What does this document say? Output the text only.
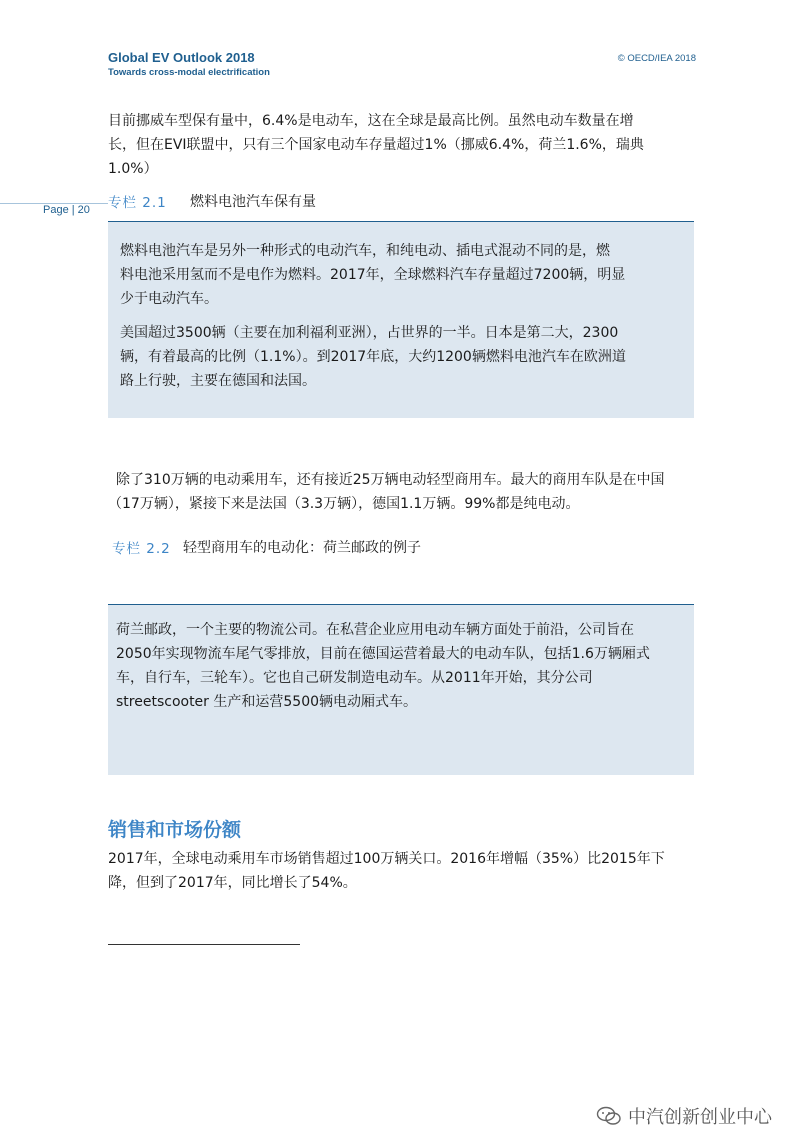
Global EV Outlook 2018
Towards cross-modal electrification
© OECD/IEA 2018
Page | 20
目前挪威车型保有量中，6.4%是电动车，这在全球是最高比例。虽然电动车数量在增
长，但在EVI联盟中，只有三个国家电动车存量超过1%（挪威6.4%，荷兰1.6%，瑞典
1.0%）
专栏 2.1 燃料电池汽车保有量
燃料电池汽车是另外一种形式的电动汽车，和纯电动、插电式混动不同的是，燃
料电池采用氢而不是电作为燃料。2017年，全球燃料汽车存量超过7200辆，明显
少于电动汽车。
美国超过3500辆（主要在加利福利亚洲），占世界的一半。日本是第二大，2300
辆，有着最高的比例（1.1%）。到2017年底，大约1200辆燃料电池汽车在欧洲道
路上行驶，主要在德国和法国。
除了310万辆的电动乘用车，还有接近25万辆电动轻型商用车。最大的商用车队是在中国
（17万辆），紧接下来是法国（3.3万辆），德国1.1万辆。99%都是纯电动。
专栏 2.2 轻型商用车的电动化：荷兰邮政的例子
荷兰邮政，一个主要的物流公司。在私营企业应用电动车辆方面处于前沿，公司旨在
2050年实现物流车尾气零排放，目前在德国运营着最大的电动车队，包括1.6万辆厢式
车，自行车，三轮车）。它也自己研发制造电动车。从2011年开始，其分公司
streetscooter 生产和运营5500辆电动厢式车。
销售和市场份额
2017年，全球电动乘用车市场销售超过100万辆关口。2016年增幅（35%）比2015年下
降，但到了2017年，同比增长了54%。
中汽创新创业中心
